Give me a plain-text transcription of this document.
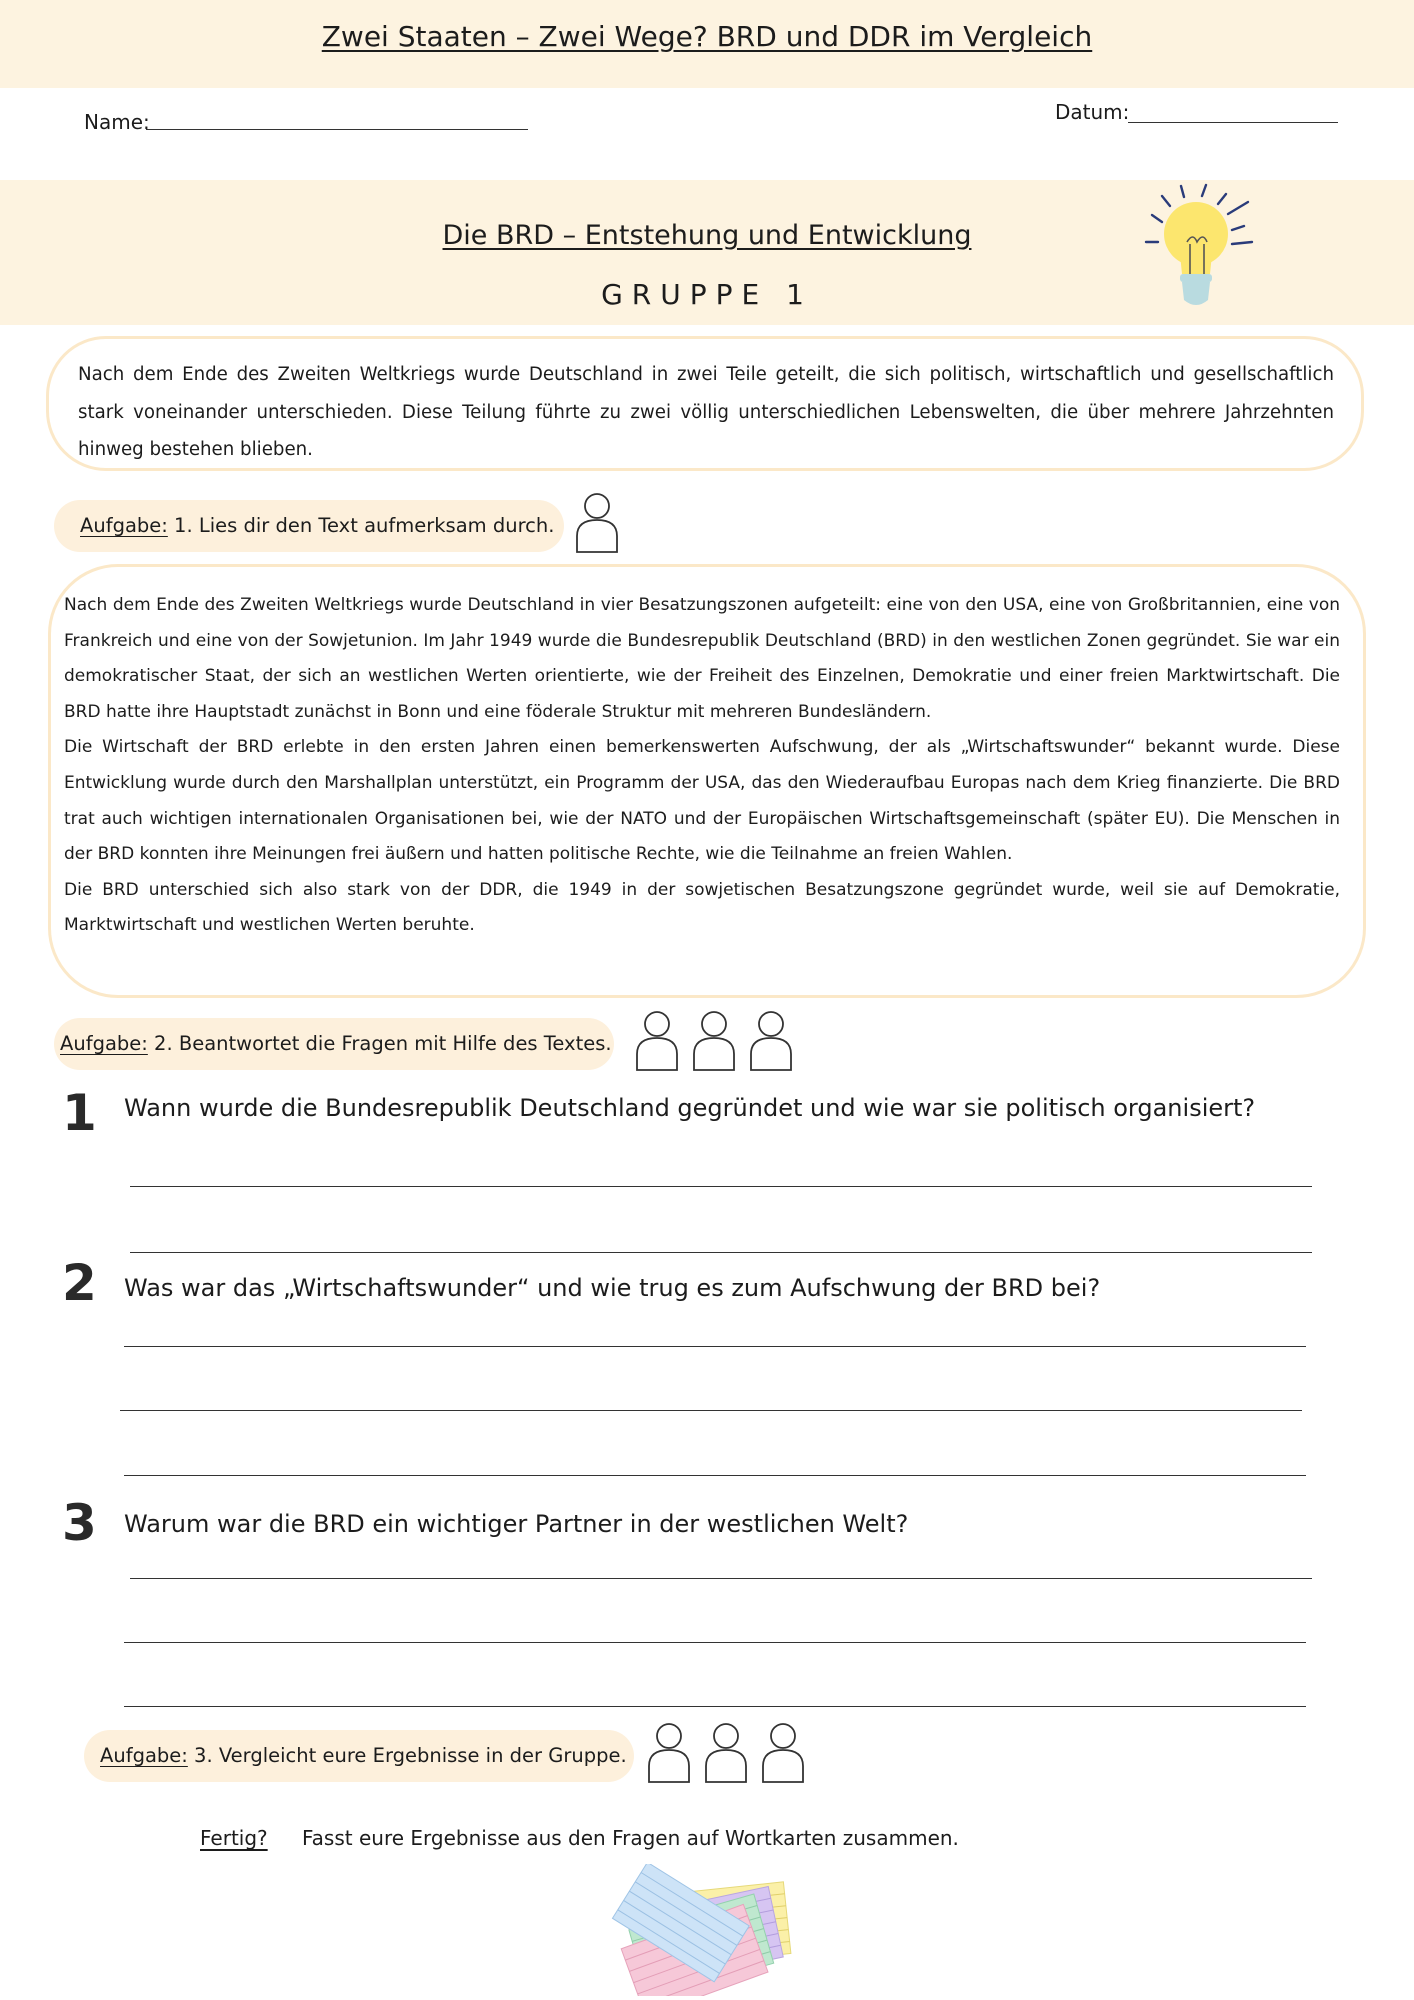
Zwei Staaten – Zwei Wege? BRD und DDR im Vergleich
Name:	Datum:
Die BRD – Entstehung und Entwicklung
GRUPPE 1
Nach dem Ende des Zweiten Weltkriegs wurde Deutschland in zwei Teile geteilt, die sich politisch, wirtschaftlich und gesellschaftlich stark voneinander unterschieden. Diese Teilung führte zu zwei völlig unterschiedlichen Lebenswelten, die über mehrere Jahrzehnten hinweg bestehen blieben.
Aufgabe: 1. Lies dir den Text aufmerksam durch.
Nach dem Ende des Zweiten Weltkriegs wurde Deutschland in vier Besatzungszonen aufgeteilt: eine von den USA, eine von Großbritannien, eine von Frankreich und eine von der Sowjetunion. Im Jahr 1949 wurde die Bundesrepublik Deutschland (BRD) in den westlichen Zonen gegründet. Sie war ein demokratischer Staat, der sich an westlichen Werten orientierte, wie der Freiheit des Einzelnen, Demokratie und einer freien Marktwirtschaft. Die BRD hatte ihre Hauptstadt zunächst in Bonn und eine föderale Struktur mit mehreren Bundesländern.
Die Wirtschaft der BRD erlebte in den ersten Jahren einen bemerkenswerten Aufschwung, der als „Wirtschaftswunder“ bekannt wurde. Diese Entwicklung wurde durch den Marshallplan unterstützt, ein Programm der USA, das den Wiederaufbau Europas nach dem Krieg finanzierte. Die BRD trat auch wichtigen internationalen Organisationen bei, wie der NATO und der Europäischen Wirtschaftsgemeinschaft (später EU). Die Menschen in der BRD konnten ihre Meinungen frei äußern und hatten politische Rechte, wie die Teilnahme an freien Wahlen.
Die BRD unterschied sich also stark von der DDR, die 1949 in der sowjetischen Besatzungszone gegründet wurde, weil sie auf Demokratie, Marktwirtschaft und westlichen Werten beruhte.
Aufgabe: 2. Beantwortet die Fragen mit Hilfe des Textes.
1 Wann wurde die Bundesrepublik Deutschland gegründet und wie war sie politisch organisiert?
2 Was war das „Wirtschaftswunder“ und wie trug es zum Aufschwung der BRD bei?
3 Warum war die BRD ein wichtiger Partner in der westlichen Welt?
Aufgabe: 3. Vergleicht eure Ergebnisse in der Gruppe.
Fertig? Fasst eure Ergebnisse aus den Fragen auf Wortkarten zusammen.
